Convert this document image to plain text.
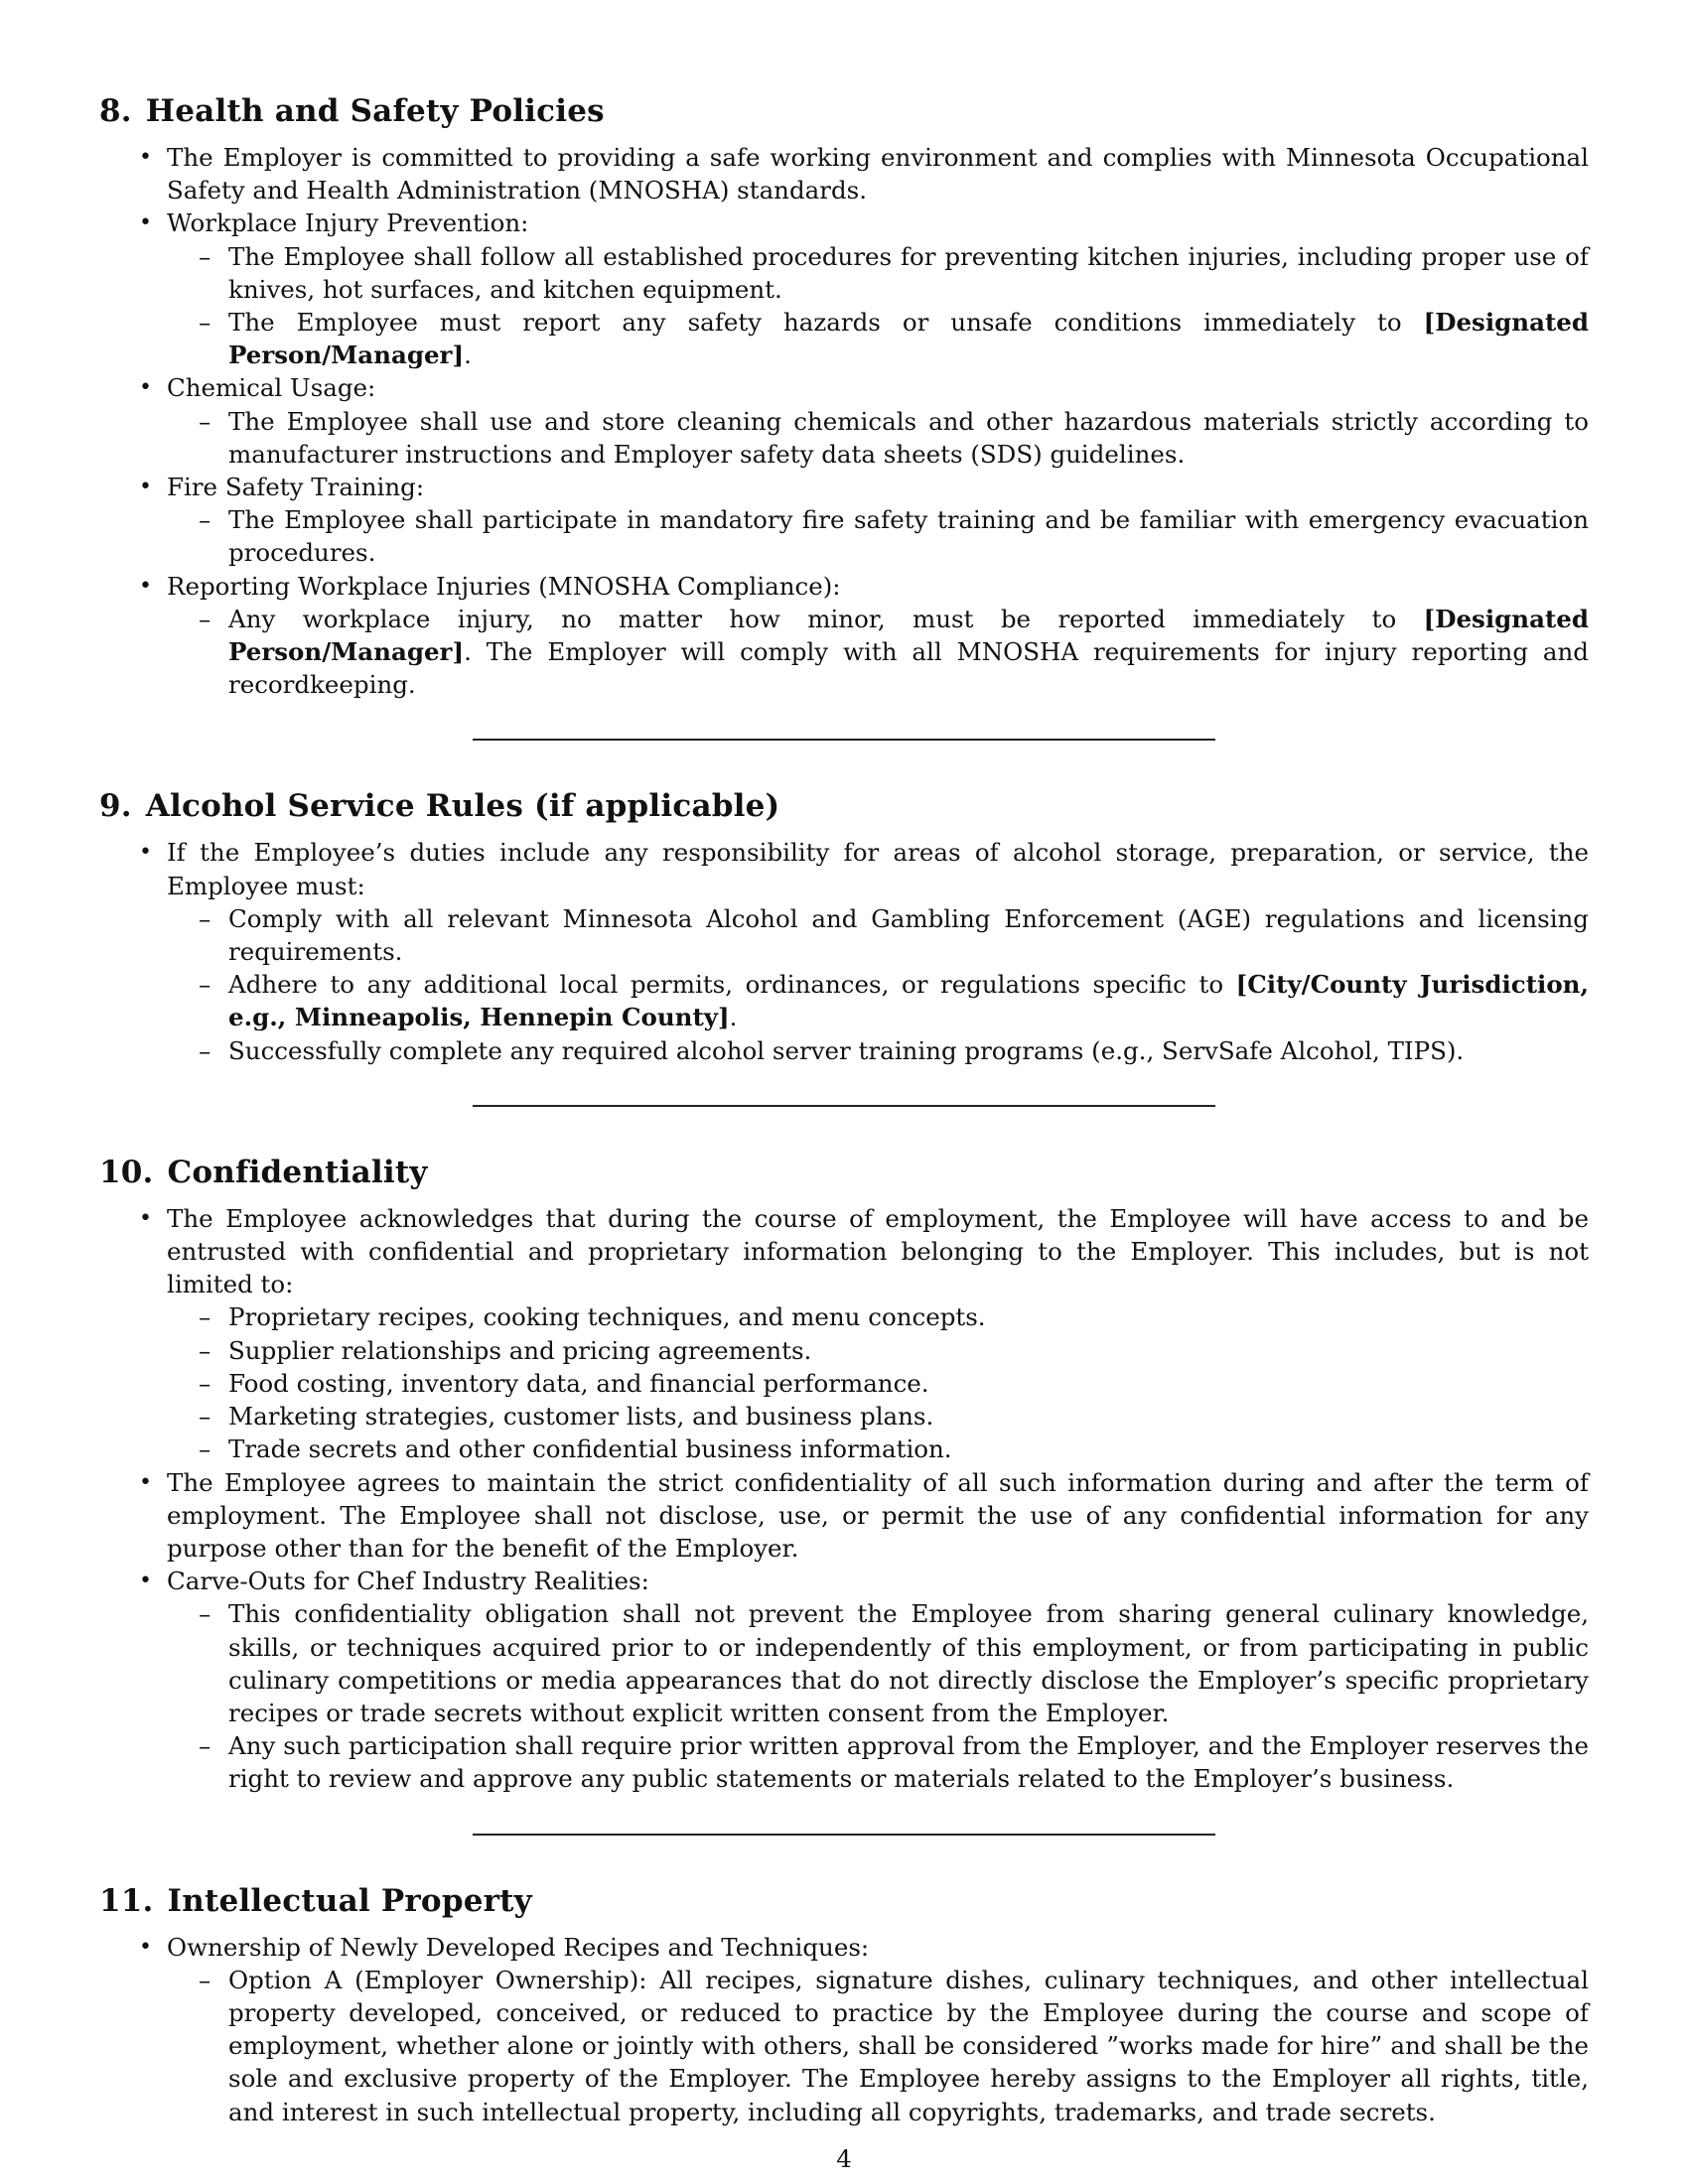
8. Health and Safety Policies
• The Employer is committed to providing a safe working environment and complies with Minnesota Occupational Safety and Health Administration (MNOSHA) standards.
• Workplace Injury Prevention:
– The Employee shall follow all established procedures for preventing kitchen injuries, including proper use of knives, hot surfaces, and kitchen equipment.
– The Employee must report any safety hazards or unsafe conditions immediately to [Designated Person/Manager].
• Chemical Usage:
– The Employee shall use and store cleaning chemicals and other hazardous materials strictly according to manufacturer instructions and Employer safety data sheets (SDS) guidelines.
• Fire Safety Training:
– The Employee shall participate in mandatory fire safety training and be familiar with emergency evacuation procedures.
• Reporting Workplace Injuries (MNOSHA Compliance):
– Any workplace injury, no matter how minor, must be reported immediately to [Designated Person/Manager]. The Employer will comply with all MNOSHA requirements for injury reporting and recordkeeping.
9. Alcohol Service Rules (if applicable)
• If the Employee’s duties include any responsibility for areas of alcohol storage, preparation, or service, the Employee must:
– Comply with all relevant Minnesota Alcohol and Gambling Enforcement (AGE) regulations and licensing requirements.
– Adhere to any additional local permits, ordinances, or regulations specific to [City/County Jurisdiction, e.g., Minneapolis, Hennepin County].
– Successfully complete any required alcohol server training programs (e.g., ServSafe Alcohol, TIPS).
10. Confidentiality
• The Employee acknowledges that during the course of employment, the Employee will have access to and be entrusted with confidential and proprietary information belonging to the Employer. This includes, but is not limited to:
– Proprietary recipes, cooking techniques, and menu concepts.
– Supplier relationships and pricing agreements.
– Food costing, inventory data, and financial performance.
– Marketing strategies, customer lists, and business plans.
– Trade secrets and other confidential business information.
• The Employee agrees to maintain the strict confidentiality of all such information during and after the term of employment. The Employee shall not disclose, use, or permit the use of any confidential information for any purpose other than for the benefit of the Employer.
• Carve-Outs for Chef Industry Realities:
– This confidentiality obligation shall not prevent the Employee from sharing general culinary knowledge, skills, or techniques acquired prior to or independently of this employment, or from participating in public culinary competitions or media appearances that do not directly disclose the Employer’s specific proprietary recipes or trade secrets without explicit written consent from the Employer.
– Any such participation shall require prior written approval from the Employer, and the Employer reserves the right to review and approve any public statements or materials related to the Employer’s business.
11. Intellectual Property
• Ownership of Newly Developed Recipes and Techniques:
– Option A (Employer Ownership): All recipes, signature dishes, culinary techniques, and other intellectual property developed, conceived, or reduced to practice by the Employee during the course and scope of employment, whether alone or jointly with others, shall be considered ”works made for hire” and shall be the sole and exclusive property of the Employer. The Employee hereby assigns to the Employer all rights, title, and interest in such intellectual property, including all copyrights, trademarks, and trade secrets.
4
